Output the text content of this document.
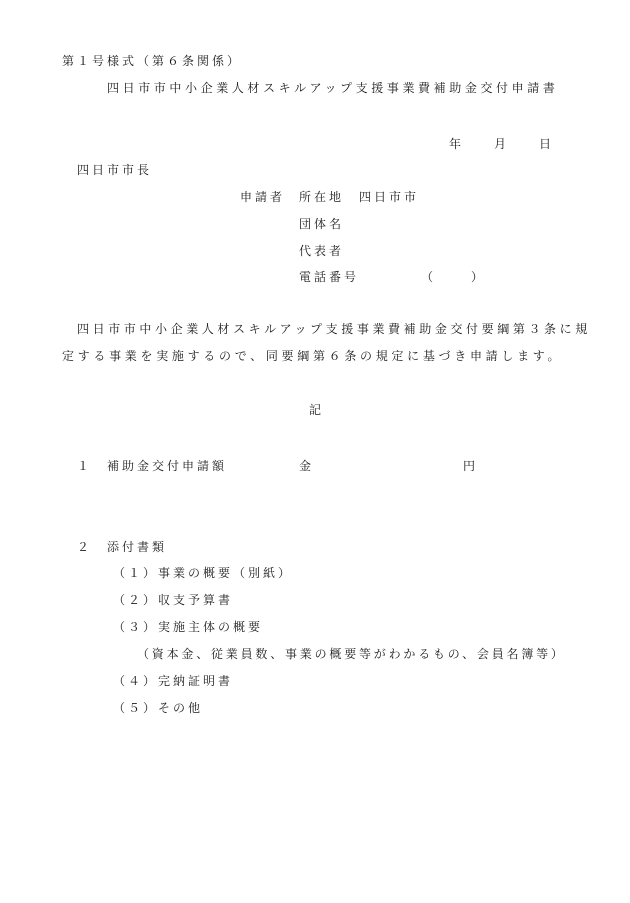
第１号様式（第６条関係）
四日市市中小企業人材スキルアップ支援事業費補助金交付申請書
年 月 日
四日市市長
申請者 所在地 四日市市
団体名
代表者
電話番号	（	）
四日市市中小企業人材スキルアップ支援事業費補助金交付要綱第３条に規
定する事業を実施するので、同要綱第６条の規定に基づき申請します。
記
１ 補助金交付申請額	金	円
２ 添付書類
（１）事業の概要（別紙）
（２）収支予算書
（３）実施主体の概要
（資本金、従業員数、事業の概要等がわかるもの、会員名簿等）
（４）完納証明書
（５）その他
